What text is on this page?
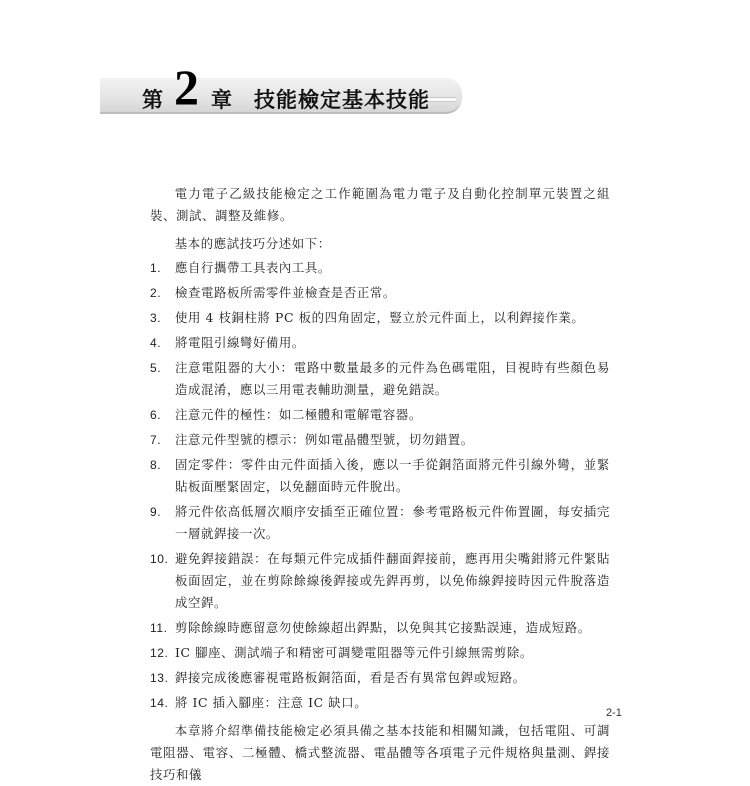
第 2 章 技能檢定基本技能

電力電子乙級技能檢定之工作範圍為電力電子及自動化控制單元裝置之組裝、測試、調整及維修。

基本的應試技巧分述如下：

1. 應自行攜帶工具表內工具。
2. 檢查電路板所需零件並檢查是否正常。
3. 使用 4 枝銅柱將 PC 板的四角固定，豎立於元件面上，以利銲接作業。
4. 將電阻引線彎好備用。
5. 注意電阻器的大小：電路中數量最多的元件為色碼電阻，目視時有些顏色易造成混淆，應以三用電表輔助測量，避免錯誤。
6. 注意元件的極性：如二極體和電解電容器。
7. 注意元件型號的標示：例如電晶體型號，切勿錯置。
8. 固定零件：零件由元件面插入後，應以一手從銅箔面將元件引線外彎，並緊貼板面壓緊固定，以免翻面時元件脫出。
9. 將元件依高低層次順序安插至正確位置：參考電路板元件佈置圖，每安插完一層就銲接一次。
10. 避免銲接錯誤：在每類元件完成插件翻面銲接前，應再用尖嘴鉗將元件緊貼板面固定，並在剪除餘線後銲接或先銲再剪，以免佈線銲接時因元件脫落造成空銲。
11. 剪除餘線時應留意勿使餘線超出銲點，以免與其它接點誤連，造成短路。
12. IC 腳座、測試端子和精密可調變電阻器等元件引線無需剪除。
13. 銲接完成後應審視電路板銅箔面，看是否有異常包銲或短路。
14. 將 IC 插入腳座：注意 IC 缺口。

本章將介紹準備技能檢定必須具備之基本技能和相關知識，包括電阻、可調電阻器、電容、二極體、橋式整流器、電晶體等各項電子元件規格與量測、銲接技巧和儀

2-1
